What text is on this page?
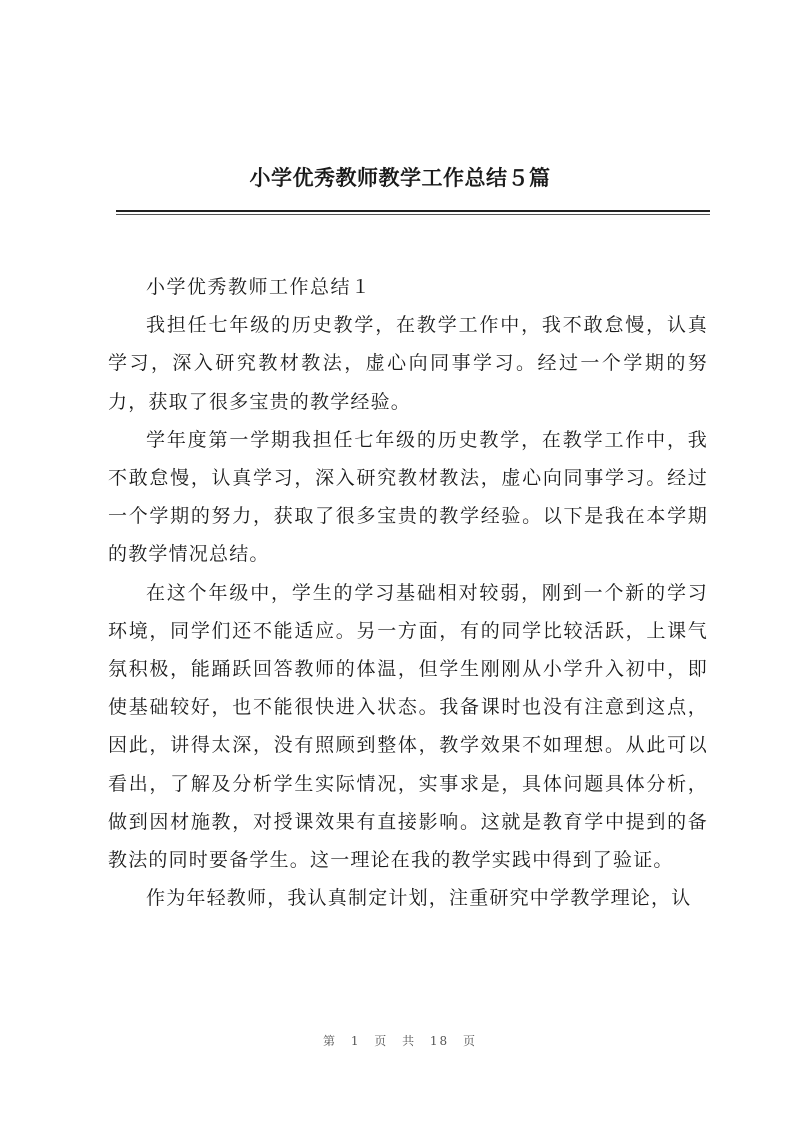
小学优秀教师教学工作总结５篇

小学优秀教师工作总结１

我担任七年级的历史教学，在教学工作中，我不敢怠慢，认真学习，深入研究教材教法，虚心向同事学习。经过一个学期的努力，获取了很多宝贵的教学经验。

学年度第一学期我担任七年级的历史教学，在教学工作中，我不敢怠慢，认真学习，深入研究教材教法，虚心向同事学习。经过一个学期的努力，获取了很多宝贵的教学经验。以下是我在本学期的教学情况总结。

在这个年级中，学生的学习基础相对较弱，刚到一个新的学习环境，同学们还不能适应。另一方面，有的同学比较活跃，上课气氛积极，能踊跃回答教师的体温，但学生刚刚从小学升入初中，即使基础较好，也不能很快进入状态。我备课时也没有注意到这点，因此，讲得太深，没有照顾到整体，教学效果不如理想。从此可以看出，了解及分析学生实际情况，实事求是，具体问题具体分析，做到因材施教，对授课效果有直接影响。这就是教育学中提到的备教法的同时要备学生。这一理论在我的教学实践中得到了验证。

作为年轻教师，我认真制定计划，注重研究中学教学理论，认

第 1 页 共 18 页
